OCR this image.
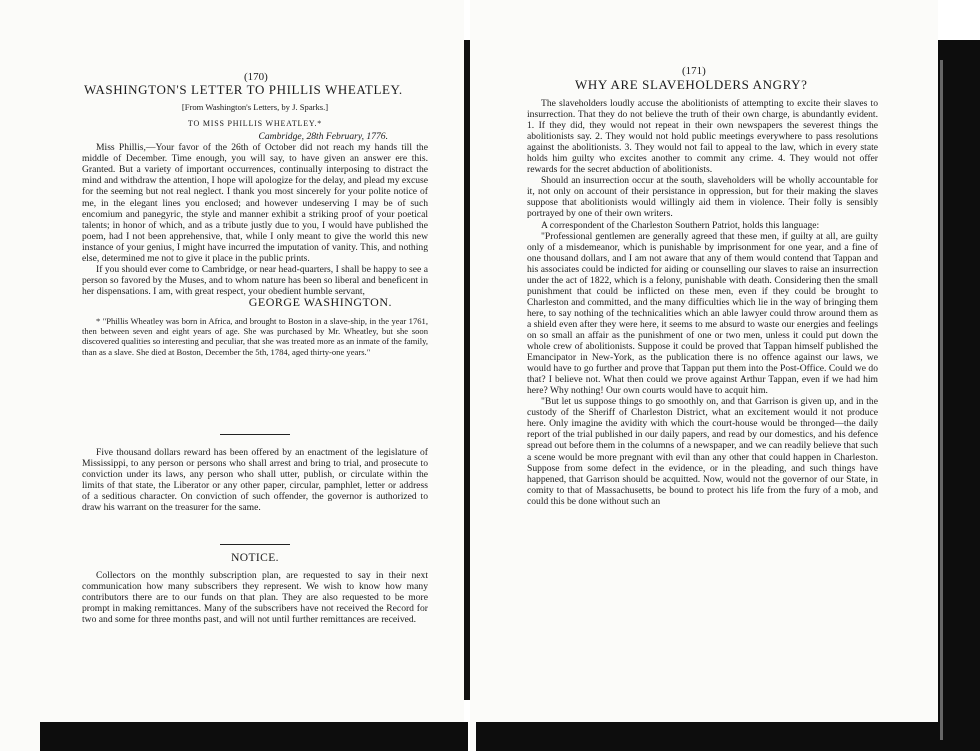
(170)
WASHINGTON'S LETTER TO PHILLIS WHEATLEY.

[From Washington's Letters, by J. Sparks.]

TO MISS PHILLIS WHEATLEY.*

Cambridge, 28th February, 1776.

Miss Phillis,—Your favor of the 26th of October did not reach my hands till the middle of December. Time enough, you will say, to have given an answer ere this. Granted. But a variety of important occurrences, continually interposing to distract the mind and withdraw the attention, I hope will apologize for the delay, and plead my excuse for the seeming but not real neglect. I thank you most sincerely for your polite notice of me, in the elegant lines you enclosed; and however undeserving I may be of such encomium and panegyric, the style and manner exhibit a striking proof of your poetical talents; in honor of which, and as a tribute justly due to you, I would have published the poem, had I not been apprehensive, that, while I only meant to give the world this new instance of your genius, I might have incurred the imputation of vanity. This, and nothing else, determined me not to give it place in the public prints.

If you should ever come to Cambridge, or near head-quarters, I shall be happy to see a person so favored by the Muses, and to whom nature has been so liberal and beneficent in her dispensations. I am, with great respect, your obedient humble servant,

GEORGE WASHINGTON.

* "Phillis Wheatley was born in Africa, and brought to Boston in a slave-ship, in the year 1761, then between seven and eight years of age. She was purchased by Mr. Wheatley, but she soon discovered qualities so interesting and peculiar, that she was treated more as an inmate of the family, than as a slave. She died at Boston, December the 5th, 1784, aged thirty-one years."

Five thousand dollars reward has been offered by an enactment of the legislature of Mississippi, to any person or persons who shall arrest and bring to trial, and prosecute to conviction under its laws, any person who shall utter, publish, or circulate within the limits of that state, the Liberator or any other paper, circular, pamphlet, letter or address of a seditious character. On conviction of such offender, the governor is authorized to draw his warrant on the treasurer for the same.

NOTICE.

Collectors on the monthly subscription plan, are requested to say in their next communication how many subscribers they represent. We wish to know how many contributors there are to our funds on that plan. They are also requested to be more prompt in making remittances. Many of the subscribers have not received the Record for two and some for three months past, and will not until further remittances are received.

(171)
WHY ARE SLAVEHOLDERS ANGRY?

The slaveholders loudly accuse the abolitionists of attempting to excite their slaves to insurrection. That they do not believe the truth of their own charge, is abundantly evident. 1. If they did, they would not repeat in their own newspapers the severest things the abolitionists say. 2. They would not hold public meetings everywhere to pass resolutions against the abolitionists. 3. They would not fail to appeal to the law, which in every state holds him guilty who excites another to commit any crime. 4. They would not offer rewards for the secret abduction of abolitionists.

Should an insurrection occur at the south, slaveholders will be wholly accountable for it, not only on account of their persistance in oppression, but for their making the slaves suppose that abolitionists would willingly aid them in violence. Their folly is sensibly portrayed by one of their own writers.

A correspondent of the Charleston Southern Patriot, holds this language:

"Professional gentlemen are generally agreed that these men, if guilty at all, are guilty only of a misdemeanor, which is punishable by imprisonment for one year, and a fine of one thousand dollars, and I am not aware that any of them would contend that Tappan and his associates could be indicted for aiding or counselling our slaves to raise an insurrection under the act of 1822, which is a felony, punishable with death. Considering then the small punishment that could be inflicted on these men, even if they could be brought to Charleston and committed, and the many difficulties which lie in the way of bringing them here, to say nothing of the technicalities which an able lawyer could throw around them as a shield even after they were here, it seems to me absurd to waste our energies and feelings on so small an affair as the punishment of one or two men, unless it could put down the whole crew of abolitionists. Suppose it could be proved that Tappan himself published the Emancipator in New-York, as the publication there is no offence against our laws, we would have to go further and prove that Tappan put them into the Post-Office. Could we do that? I believe not. What then could we prove against Arthur Tappan, even if we had him here? Why nothing! Our own courts would have to acquit him.

"But let us suppose things to go smoothly on, and that Garrison is given up, and in the custody of the Sheriff of Charleston District, what an excitement would it not produce here. Only imagine the avidity with which the court-house would be thronged—the daily report of the trial published in our daily papers, and read by our domestics, and his defence spread out before them in the columns of a newspaper, and we can readily believe that such a scene would be more pregnant with evil than any other that could happen in Charleston. Suppose from some defect in the evidence, or in the pleading, and such things have happened, that Garrison should be acquitted. Now, would not the governor of our State, in comity to that of Massachusetts, be bound to protect his life from the fury of a mob, and could this be done without such an
